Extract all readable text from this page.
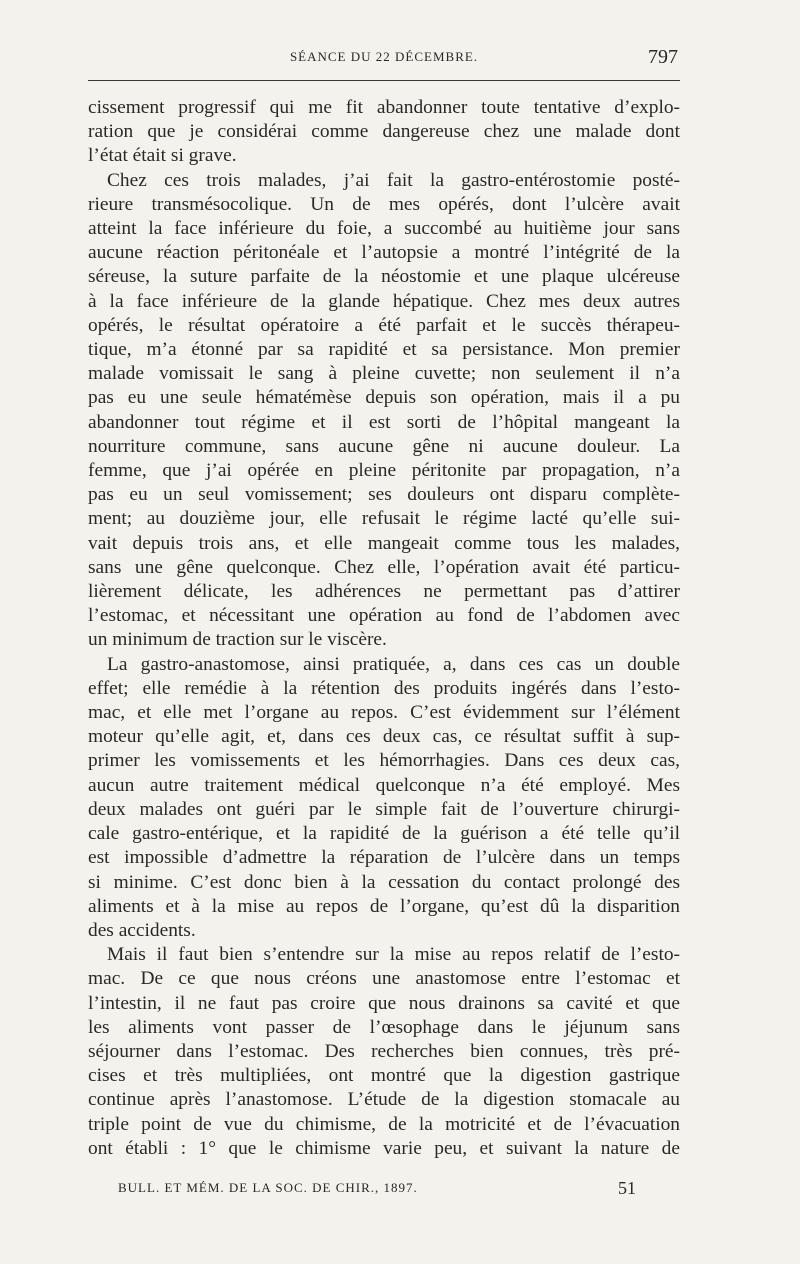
SÉANCE DU 22 DÉCEMBRE.	797

cissement progressif qui me fit abandonner toute tentative d’explo-

ration que je considérai comme dangereuse chez une malade dont

l’état était si grave.

Chez ces trois malades, j’ai fait la gastro-entérostomie posté-

rieure transmésocolique. Un de mes opérés, dont l’ulcère avait

atteint la face inférieure du foie, a succombé au huitième jour sans

aucune réaction péritonéale et l’autopsie a montré l’intégrité de la

séreuse, la suture parfaite de la néostomie et une plaque ulcéreuse

à la face inférieure de la glande hépatique. Chez mes deux autres

opérés, le résultat opératoire a été parfait et le succès thérapeu-

tique, m’a étonné par sa rapidité et sa persistance. Mon premier

malade vomissait le sang à pleine cuvette; non seulement il n’a

pas eu une seule hématémèse depuis son opération, mais il a pu

abandonner tout régime et il est sorti de l’hôpital mangeant la

nourriture commune, sans aucune gêne ni aucune douleur. La

femme, que j’ai opérée en pleine péritonite par propagation, n’a

pas eu un seul vomissement; ses douleurs ont disparu complète-

ment; au douzième jour, elle refusait le régime lacté qu’elle sui-

vait depuis trois ans, et elle mangeait comme tous les malades,

sans une gêne quelconque. Chez elle, l’opération avait été particu-

lièrement délicate, les adhérences ne permettant pas d’attirer

l’estomac, et nécessitant une opération au fond de l’abdomen avec

un minimum de traction sur le viscère.

La gastro-anastomose, ainsi pratiquée, a, dans ces cas un double

effet; elle remédie à la rétention des produits ingérés dans l’esto-

mac, et elle met l’organe au repos. C’est évidemment sur l’élément

moteur qu’elle agit, et, dans ces deux cas, ce résultat suffit à sup-

primer les vomissements et les hémorrhagies. Dans ces deux cas,

aucun autre traitement médical quelconque n’a été employé. Mes

deux malades ont guéri par le simple fait de l’ouverture chirurgi-

cale gastro-entérique, et la rapidité de la guérison a été telle qu’il

est impossible d’admettre la réparation de l’ulcère dans un temps

si minime. C’est donc bien à la cessation du contact prolongé des

aliments et à la mise au repos de l’organe, qu’est dû la disparition

des accidents.

Mais il faut bien s’entendre sur la mise au repos relatif de l’esto-

mac. De ce que nous créons une anastomose entre l’estomac et

l’intestin, il ne faut pas croire que nous drainons sa cavité et que

les aliments vont passer de l’œsophage dans le jéjunum sans

séjourner dans l’estomac. Des recherches bien connues, très pré-

cises et très multipliées, ont montré que la digestion gastrique

continue après l’anastomose. L’étude de la digestion stomacale au

triple point de vue du chimisme, de la motricité et de l’évacuation

ont établi : 1° que le chimisme varie peu, et suivant la nature de

BULL. ET MÉM. DE LA SOC. DE CHIR., 1897.	51
